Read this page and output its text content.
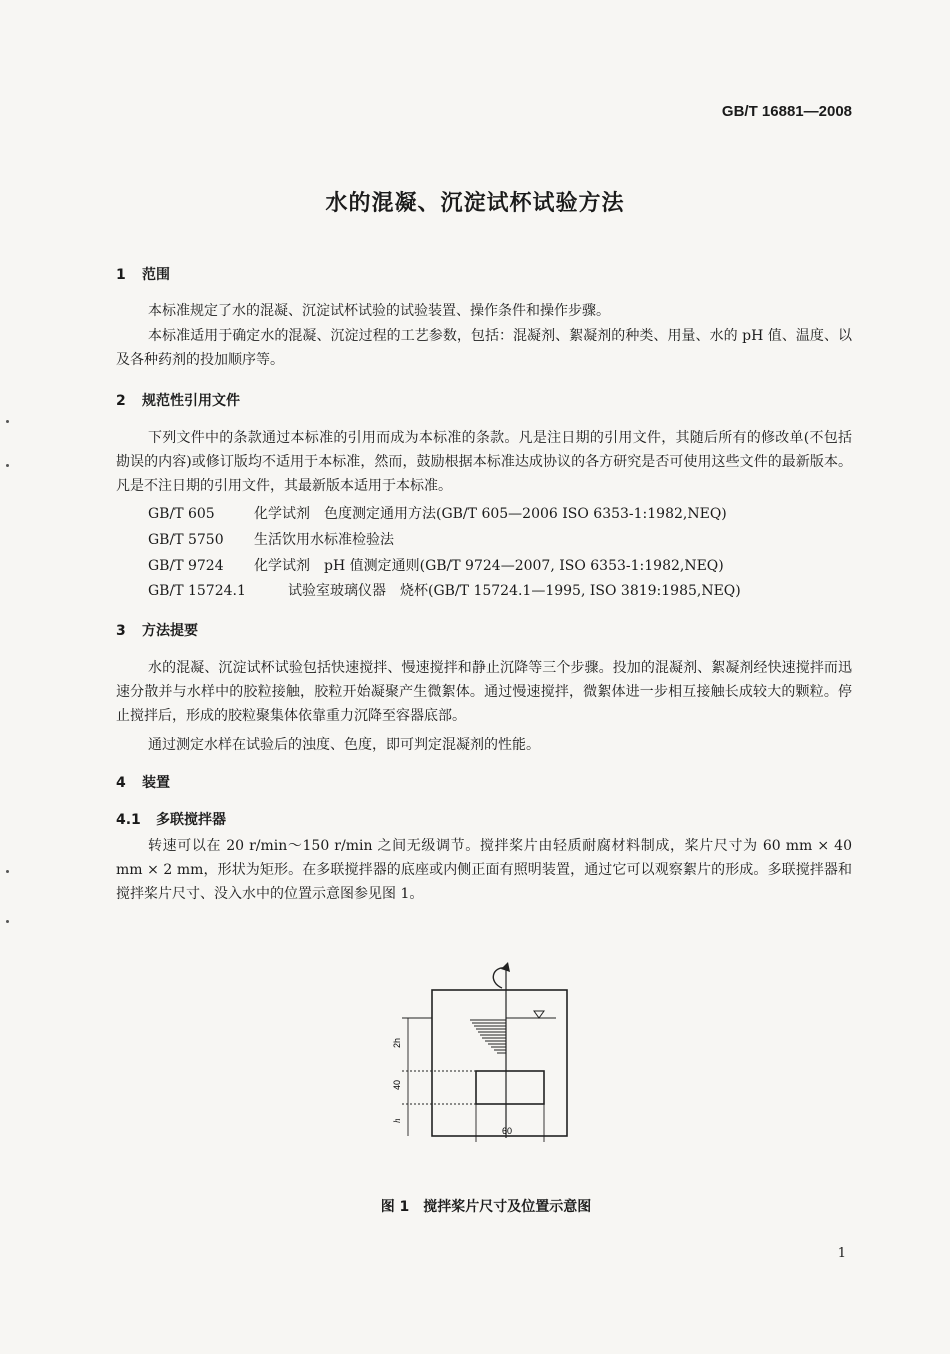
GB/T 16881—2008
水的混凝、沉淀试杯试验方法
1 范围
本标准规定了水的混凝、沉淀试杯试验的试验装置、操作条件和操作步骤。
本标准适用于确定水的混凝、沉淀过程的工艺参数，包括：混凝剂、絮凝剂的种类、用量、水的 pH 值、温度、以及各种药剂的投加顺序等。
2 规范性引用文件
下列文件中的条款通过本标准的引用而成为本标准的条款。凡是注日期的引用文件，其随后所有的修改单(不包括勘误的内容)或修订版均不适用于本标准，然而，鼓励根据本标准达成协议的各方研究是否可使用这些文件的最新版本。凡是不注日期的引用文件，其最新版本适用于本标准。
GB/T 605	化学试剂　色度测定通用方法(GB/T 605—2006 ISO 6353-1:1982,NEQ)
GB/T 5750 生活饮用水标准检验法
GB/T 9724 化学试剂　pH 值测定通则(GB/T 9724—2007, ISO 6353-1:1982,NEQ)
GB/T 15724.1	试验室玻璃仪器　烧杯(GB/T 15724.1—1995, ISO 3819:1985,NEQ)
3 方法提要
水的混凝、沉淀试杯试验包括快速搅拌、慢速搅拌和静止沉降等三个步骤。投加的混凝剂、絮凝剂经快速搅拌而迅速分散并与水样中的胶粒接触，胶粒开始凝聚产生微絮体。通过慢速搅拌，微絮体进一步相互接触长成较大的颗粒。停止搅拌后，形成的胶粒聚集体依靠重力沉降至容器底部。
通过测定水样在试验后的浊度、色度，即可判定混凝剂的性能。
4 装置
4.1 多联搅拌器
转速可以在 20 r/min～150 r/min 之间无级调节。搅拌桨片由轻质耐腐材料制成，桨片尺寸为 60 mm × 40 mm × 2 mm，形状为矩形。在多联搅拌器的底座或内侧正面有照明装置，通过它可以观察絮片的形成。多联搅拌器和搅拌桨片尺寸、没入水中的位置示意图参见图 1。
2h
40
h
60
图 1　搅拌桨片尺寸及位置示意图
1
